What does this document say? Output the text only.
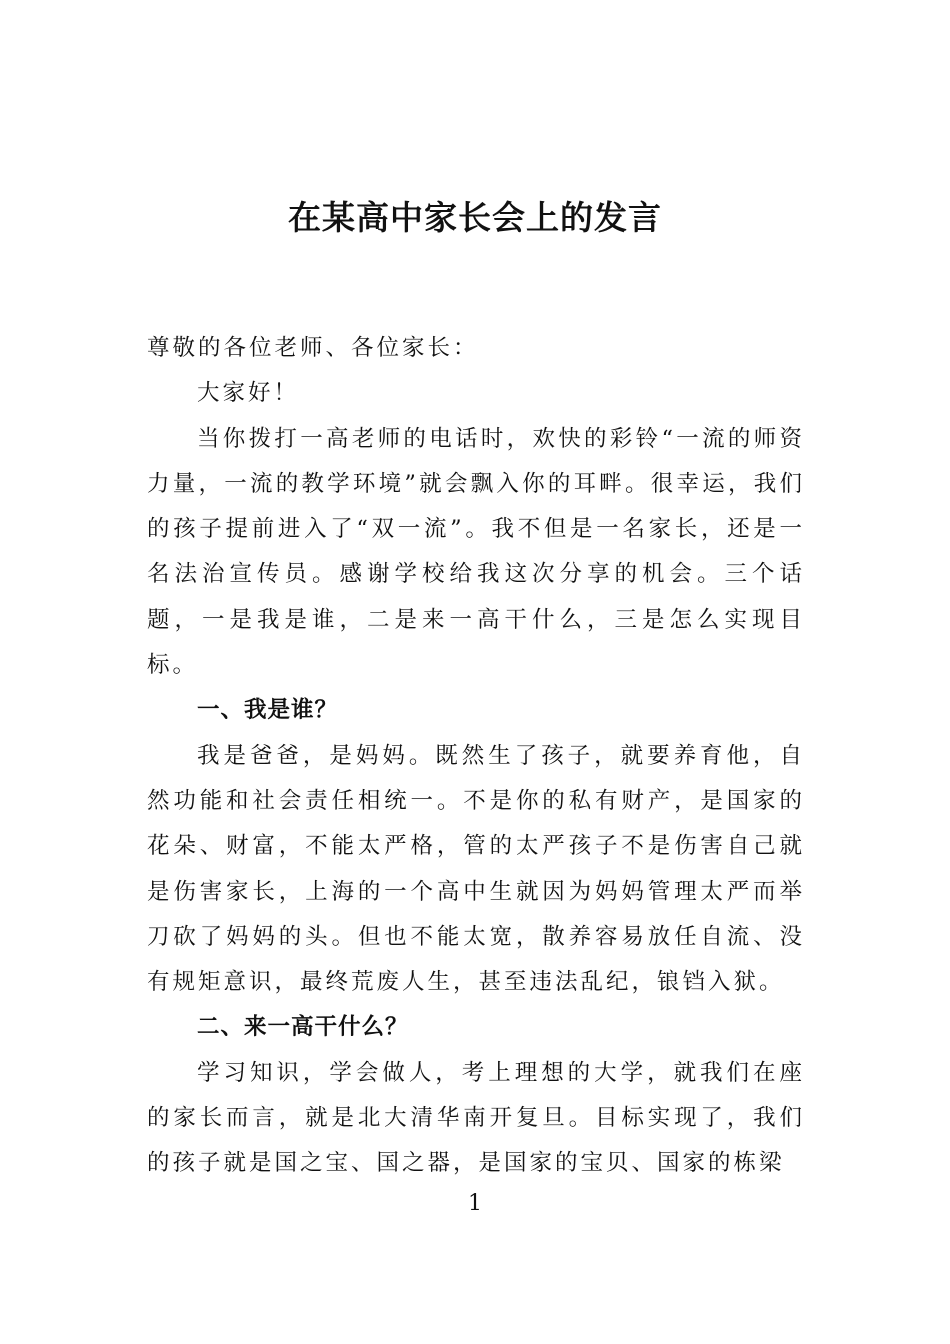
在某高中家长会上的发言

尊敬的各位老师、各位家长：

大家好！

当你拨打一高老师的电话时，欢快的彩铃“一流的师资力量，一流的教学环境”就会飘入你的耳畔。很幸运，我们的孩子提前进入了“双一流”。我不但是一名家长，还是一名法治宣传员。感谢学校给我这次分享的机会。三个话题，一是我是谁，二是来一高干什么，三是怎么实现目标。

一、我是谁？

我是爸爸，是妈妈。既然生了孩子，就要养育他，自然功能和社会责任相统一。不是你的私有财产，是国家的花朵、财富，不能太严格，管的太严孩子不是伤害自己就是伤害家长，上海的一个高中生就因为妈妈管理太严而举刀砍了妈妈的头。但也不能太宽，散养容易放任自流、没有规矩意识，最终荒废人生，甚至违法乱纪，锒铛入狱。

二、来一高干什么？

学习知识，学会做人，考上理想的大学，就我们在座的家长而言，就是北大清华南开复旦。目标实现了，我们的孩子就是国之宝、国之器，是国家的宝贝、国家的栋梁

1
